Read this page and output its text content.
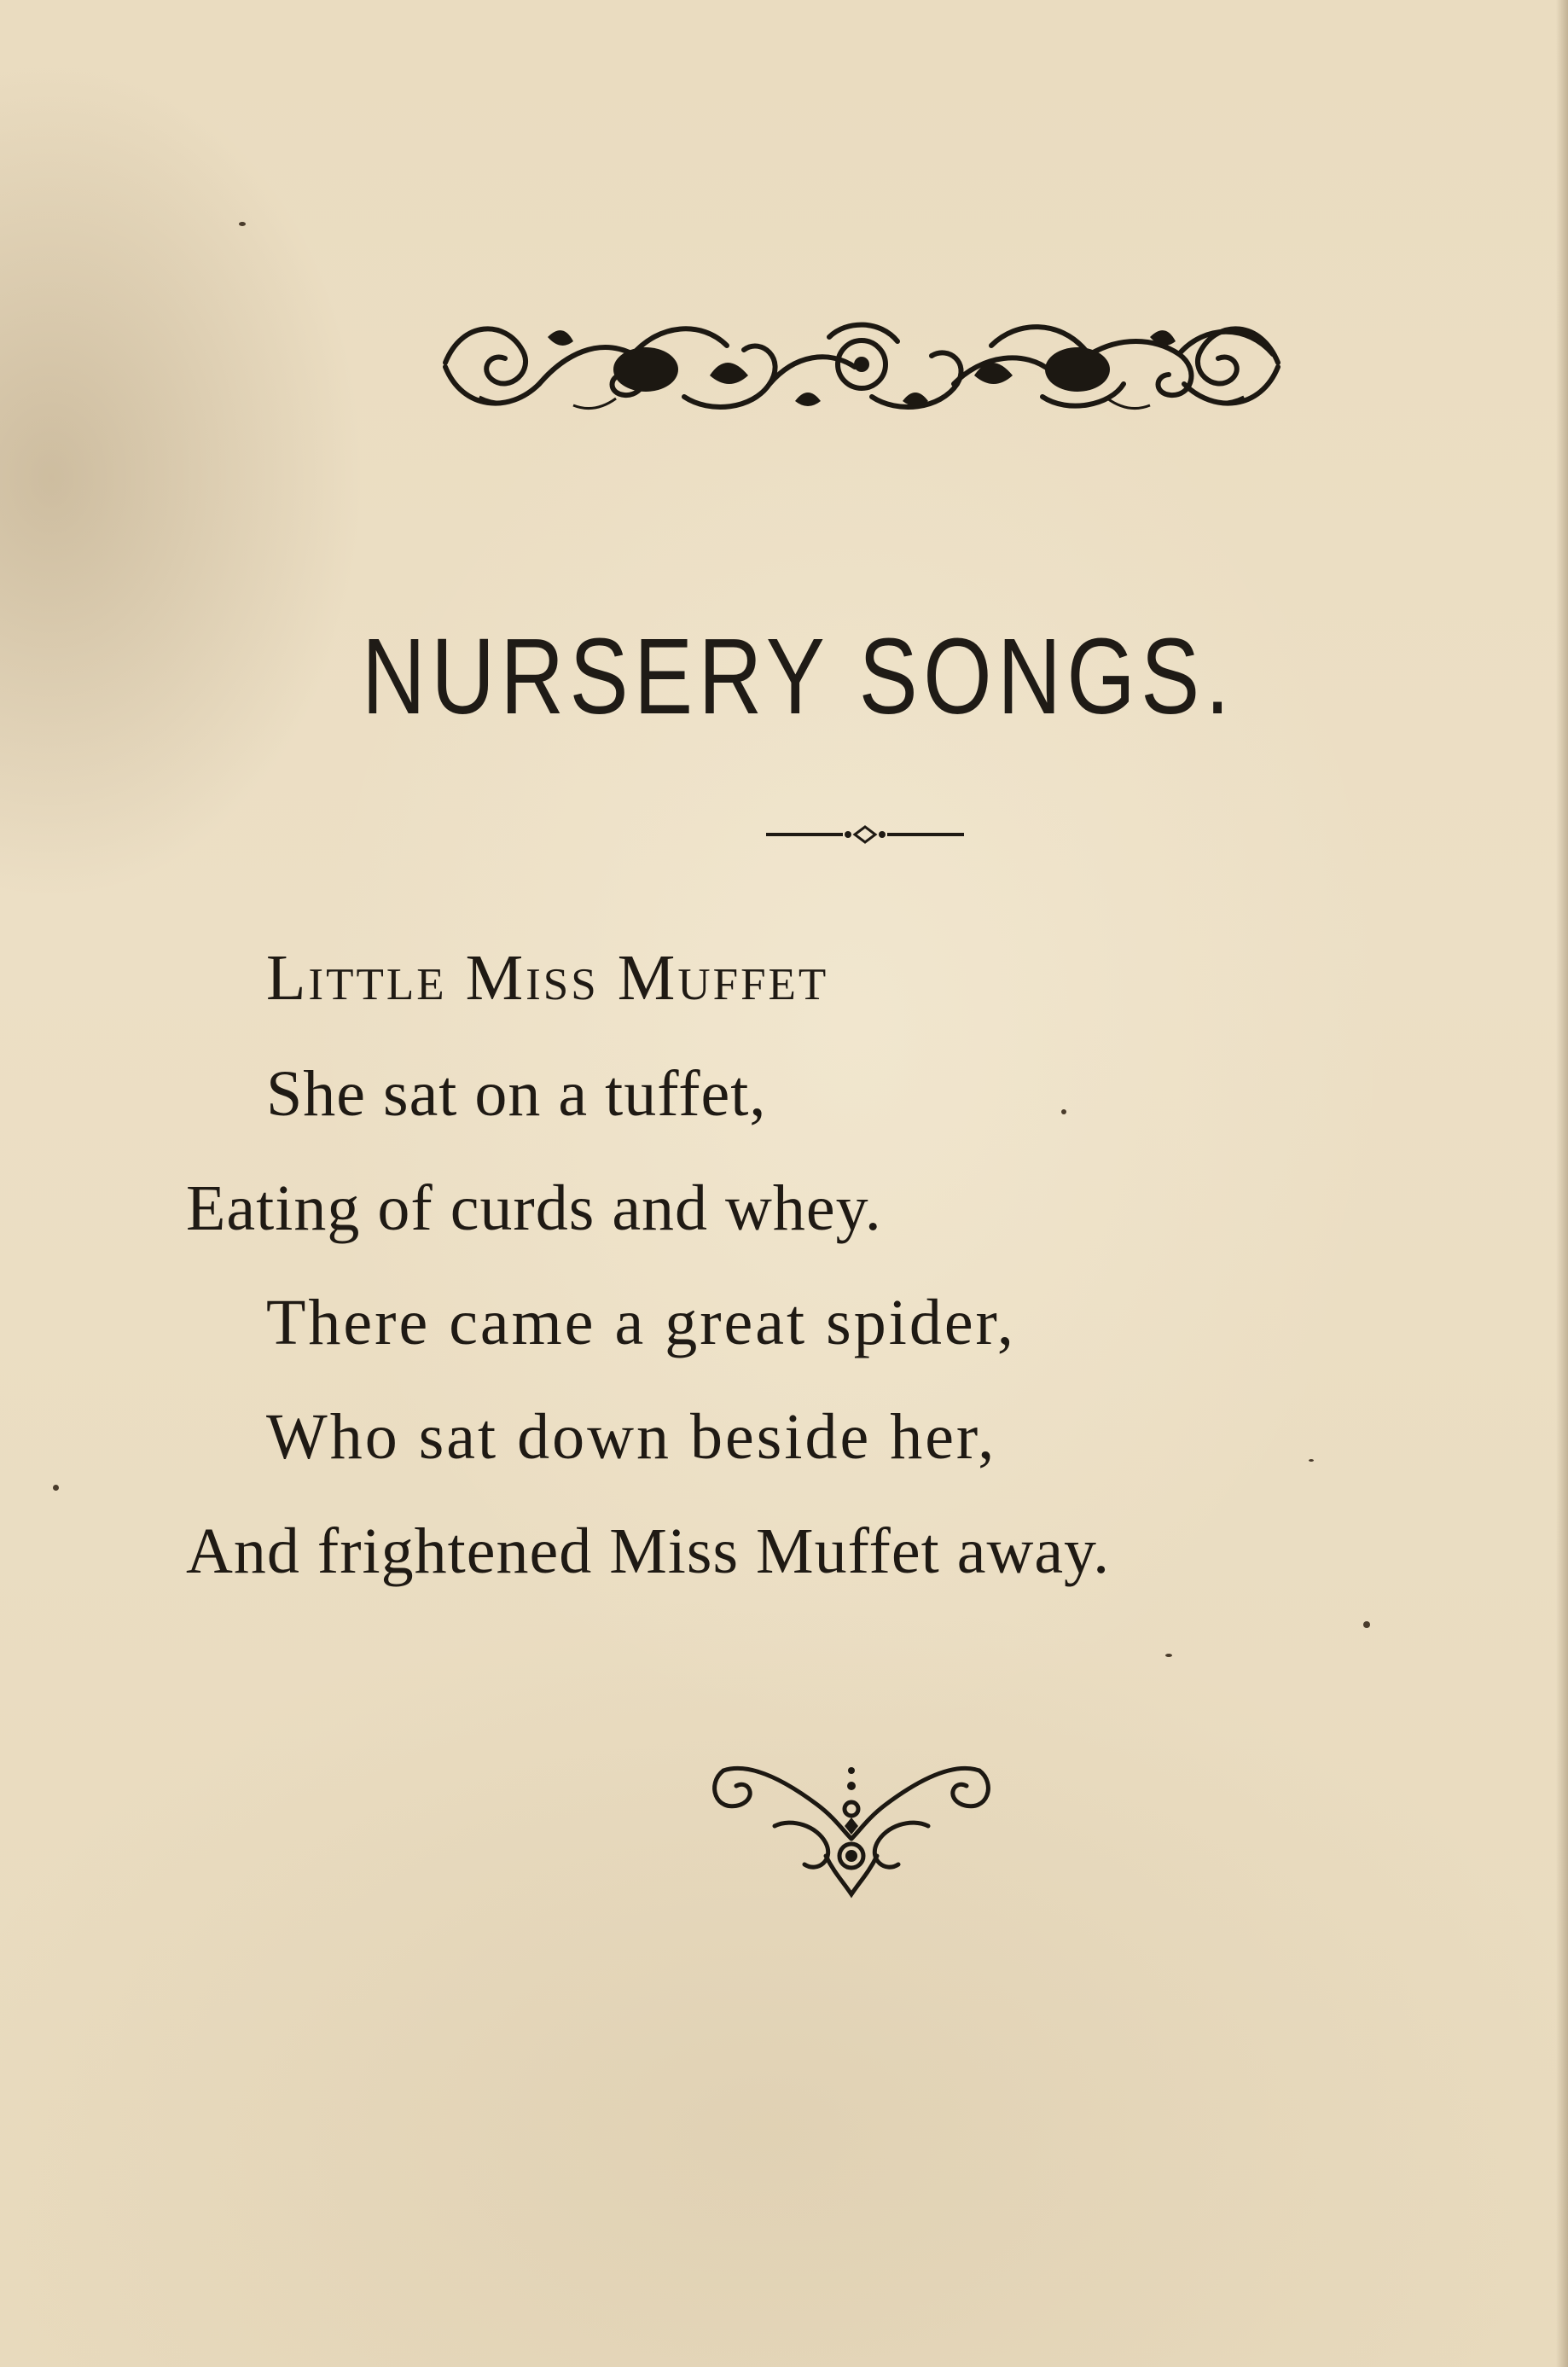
NURSERY SONGS.
Little Miss Muffet
She sat on a tuffet,
Eating of curds and whey.
There came a great spider,
Who sat down beside her,
And frightened Miss Muffet away.
